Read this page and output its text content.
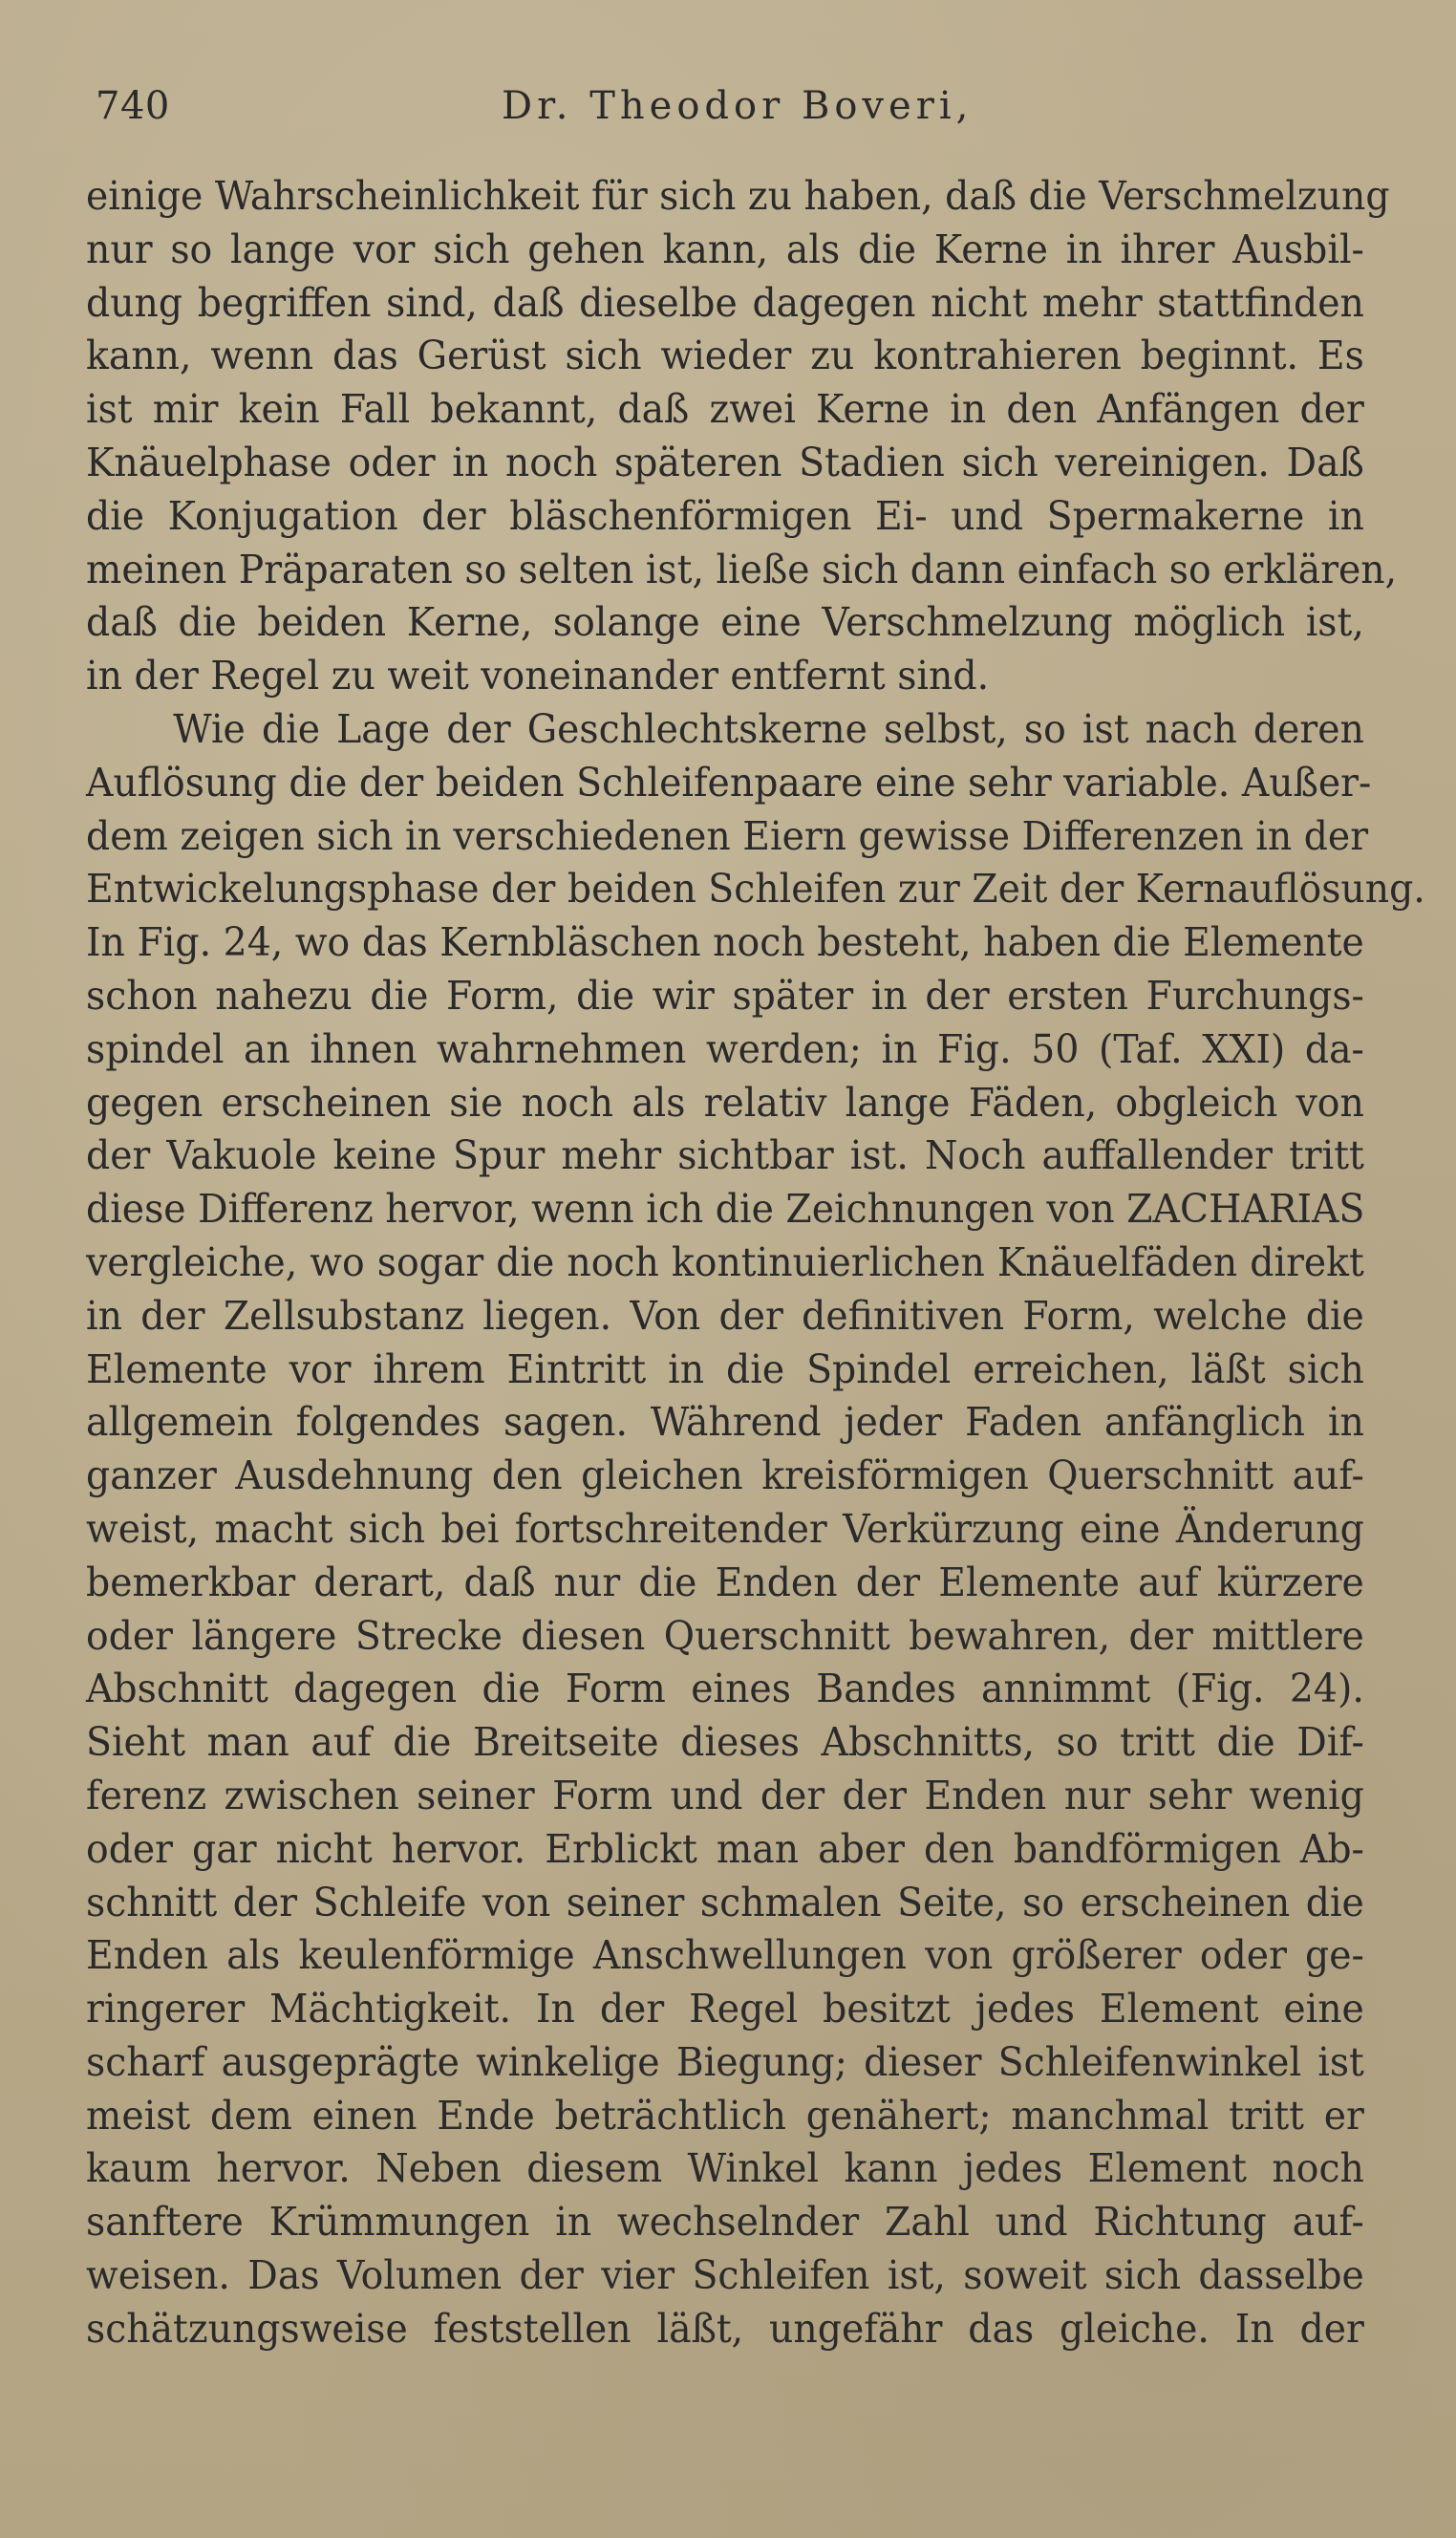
740	Dr. Theodor Boveri,
einige Wahrscheinlichkeit für sich zu haben, daß die Verschmelzung
nur so lange vor sich gehen kann, als die Kerne in ihrer Ausbil-
dung begriffen sind, daß dieselbe dagegen nicht mehr stattfinden
kann, wenn das Gerüst sich wieder zu kontrahieren beginnt. Es
ist mir kein Fall bekannt, daß zwei Kerne in den Anfängen der
Knäuelphase oder in noch späteren Stadien sich vereinigen. Daß
die Konjugation der bläschenförmigen Ei- und Spermakerne in
meinen Präparaten so selten ist, ließe sich dann einfach so erklären,
daß die beiden Kerne, solange eine Verschmelzung möglich ist,
in der Regel zu weit voneinander entfernt sind.
Wie die Lage der Geschlechtskerne selbst, so ist nach deren
Auflösung die der beiden Schleifenpaare eine sehr variable. Außer-
dem zeigen sich in verschiedenen Eiern gewisse Differenzen in der
Entwickelungsphase der beiden Schleifen zur Zeit der Kernauflösung.
In Fig. 24, wo das Kernbläschen noch besteht, haben die Elemente
schon nahezu die Form, die wir später in der ersten Furchungs-
spindel an ihnen wahrnehmen werden; in Fig. 50 (Taf. XXI) da-
gegen erscheinen sie noch als relativ lange Fäden, obgleich von
der Vakuole keine Spur mehr sichtbar ist. Noch auffallender tritt
diese Differenz hervor, wenn ich die Zeichnungen von ZACHARIAS
vergleiche, wo sogar die noch kontinuierlichen Knäuelfäden direkt
in der Zellsubstanz liegen. Von der definitiven Form, welche die
Elemente vor ihrem Eintritt in die Spindel erreichen, läßt sich
allgemein folgendes sagen. Während jeder Faden anfänglich in
ganzer Ausdehnung den gleichen kreisförmigen Querschnitt auf-
weist, macht sich bei fortschreitender Verkürzung eine Änderung
bemerkbar derart, daß nur die Enden der Elemente auf kürzere
oder längere Strecke diesen Querschnitt bewahren, der mittlere
Abschnitt dagegen die Form eines Bandes annimmt (Fig. 24).
Sieht man auf die Breitseite dieses Abschnitts, so tritt die Dif-
ferenz zwischen seiner Form und der der Enden nur sehr wenig
oder gar nicht hervor. Erblickt man aber den bandförmigen Ab-
schnitt der Schleife von seiner schmalen Seite, so erscheinen die
Enden als keulenförmige Anschwellungen von größerer oder ge-
ringerer Mächtigkeit. In der Regel besitzt jedes Element eine
scharf ausgeprägte winkelige Biegung; dieser Schleifenwinkel ist
meist dem einen Ende beträchtlich genähert; manchmal tritt er
kaum hervor. Neben diesem Winkel kann jedes Element noch
sanftere Krümmungen in wechselnder Zahl und Richtung auf-
weisen. Das Volumen der vier Schleifen ist, soweit sich dasselbe
schätzungsweise feststellen läßt, ungefähr das gleiche. In der
